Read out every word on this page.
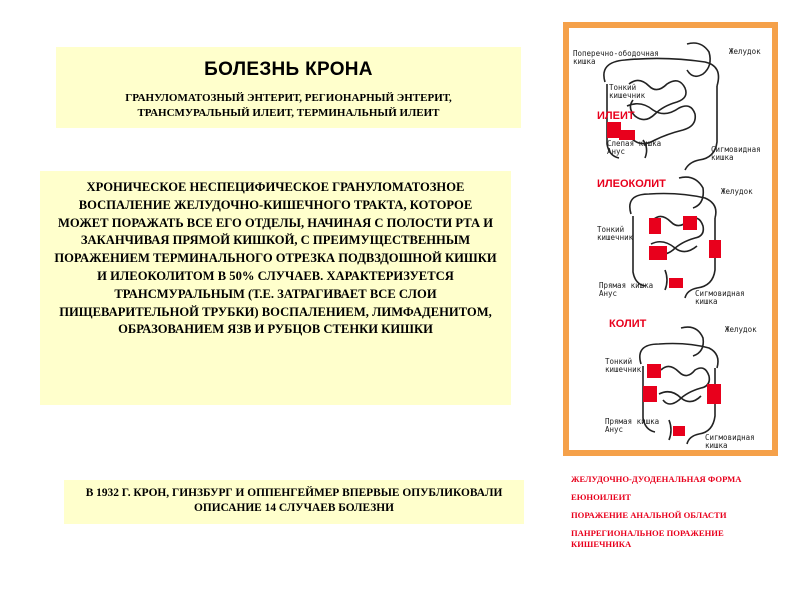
БОЛЕЗНЬ КРОНА
ГРАНУЛОМАТОЗНЫЙ ЭНТЕРИТ, РЕГИОНАРНЫЙ ЭНТЕРИТ, ТРАНСМУРАЛЬНЫЙ ИЛЕИТ, ТЕРМИНАЛЬНЫЙ ИЛЕИТ

ХРОНИЧЕСКОЕ НЕСПЕЦИФИЧЕСКОЕ ГРАНУЛОМАТОЗНОЕ ВОСПАЛЕНИЕ ЖЕЛУДОЧНО-КИШЕЧНОГО ТРАКТА, КОТОРОЕ МОЖЕТ ПОРАЖАТЬ ВСЕ ЕГО ОТДЕЛЫ, НАЧИНАЯ С ПОЛОСТИ РТА И ЗАКАНЧИВАЯ ПРЯМОЙ КИШКОЙ, С ПРЕИМУЩЕСТВЕННЫМ ПОРАЖЕНИЕМ ТЕРМИНАЛЬНОГО ОТРЕЗКА ПОДВЗДОШНОЙ КИШКИ И ИЛЕОКОЛИТОМ В 50% СЛУЧАЕВ. ХАРАКТЕРИЗУЕТСЯ ТРАНСМУРАЛЬНЫМ (Т.Е. ЗАТРАГИВАЕТ ВСЕ СЛОИ ПИЩЕВАРИТЕЛЬНОЙ ТРУБКИ) ВОСПАЛЕНИЕМ, ЛИМФАДЕНИТОМ, ОБРАЗОВАНИЕМ ЯЗВ И РУБЦОВ СТЕНКИ КИШКИ

В 1932 Г. КРОН, ГИНЗБУРГ И ОППЕНГЕЙМЕР ВПЕРВЫЕ ОПУБЛИКОВАЛИ ОПИСАНИЕ 14 СЛУЧАЕВ БОЛЕЗНИ

ИЛЕИТ
Поперечно-ободочная
кишка
Желудок
Тонкий
кишечник
Слепая кишка
Анус	Сигмовидная
кишка
ИЛЕОКОЛИТ
Желудок
Тонкий
кишечник
Прямая кишка
Анус	Сигмовидная
кишка
КОЛИТ	Желудок
Тонкий
кишечник
Прямая кишка
Анус
Сигмовидная
кишка
ЖЕЛУДОЧНО-ДУОДЕНАЛЬНАЯ ФОРМА
ЕЮНОИЛЕИТ
ПОРАЖЕНИЕ АНАЛЬНОЙ ОБЛАСТИ
ПАНРЕГИОНАЛЬНОЕ ПОРАЖЕНИЕ КИШЕЧНИКА
